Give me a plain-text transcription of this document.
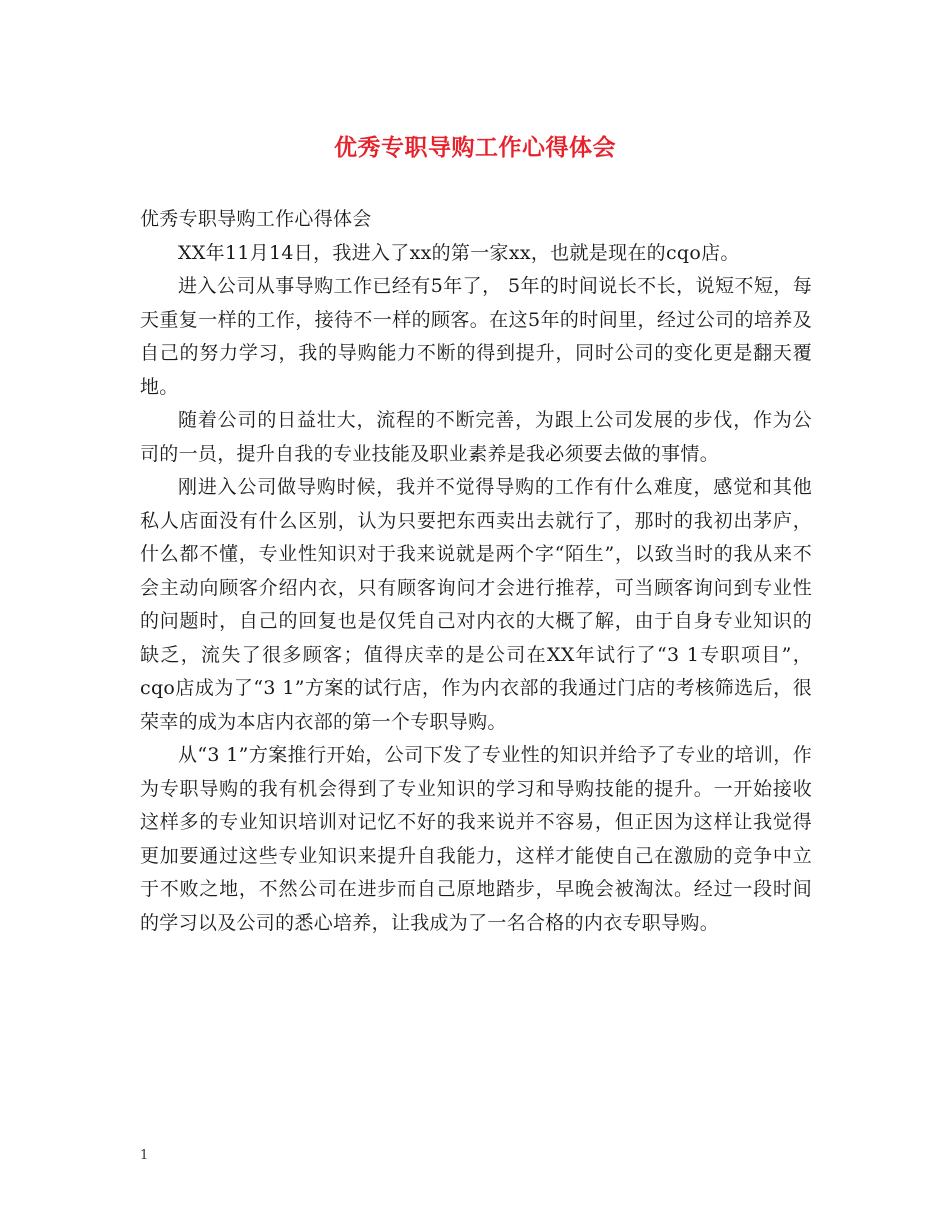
优秀专职导购工作心得体会

优秀专职导购工作心得体会

XX年11月14日，我进入了xx的第一家xx，也就是现在的cqo店。

进入公司从事导购工作已经有5年了， 5年的时间说长不长，说短不短，每天重复一样的工作，接待不一样的顾客。在这5年的时间里，经过公司的培养及自己的努力学习，我的导购能力不断的得到提升，同时公司的变化更是翻天覆地。

随着公司的日益壮大，流程的不断完善，为跟上公司发展的步伐，作为公司的一员，提升自我的专业技能及职业素养是我必须要去做的事情。

刚进入公司做导购时候，我并不觉得导购的工作有什么难度，感觉和其他私人店面没有什么区别，认为只要把东西卖出去就行了，那时的我初出茅庐，什么都不懂，专业性知识对于我来说就是两个字“陌生”，以致当时的我从来不会主动向顾客介绍内衣，只有顾客询问才会进行推荐，可当顾客询问到专业性的问题时，自己的回复也是仅凭自己对内衣的大概了解，由于自身专业知识的缺乏，流失了很多顾客；值得庆幸的是公司在XX年试行了“3 1专职项目”， cqo店成为了“3 1”方案的试行店，作为内衣部的我通过门店的考核筛选后，很荣幸的成为本店内衣部的第一个专职导购。

从“3 1”方案推行开始，公司下发了专业性的知识并给予了专业的培训，作为专职导购的我有机会得到了专业知识的学习和导购技能的提升。一开始接收这样多的专业知识培训对记忆不好的我来说并不容易，但正因为这样让我觉得更加要通过这些专业知识来提升自我能力，这样才能使自己在激励的竞争中立于不败之地，不然公司在进步而自己原地踏步，早晚会被淘汰。经过一段时间的学习以及公司的悉心培养，让我成为了一名合格的内衣专职导购。

1
